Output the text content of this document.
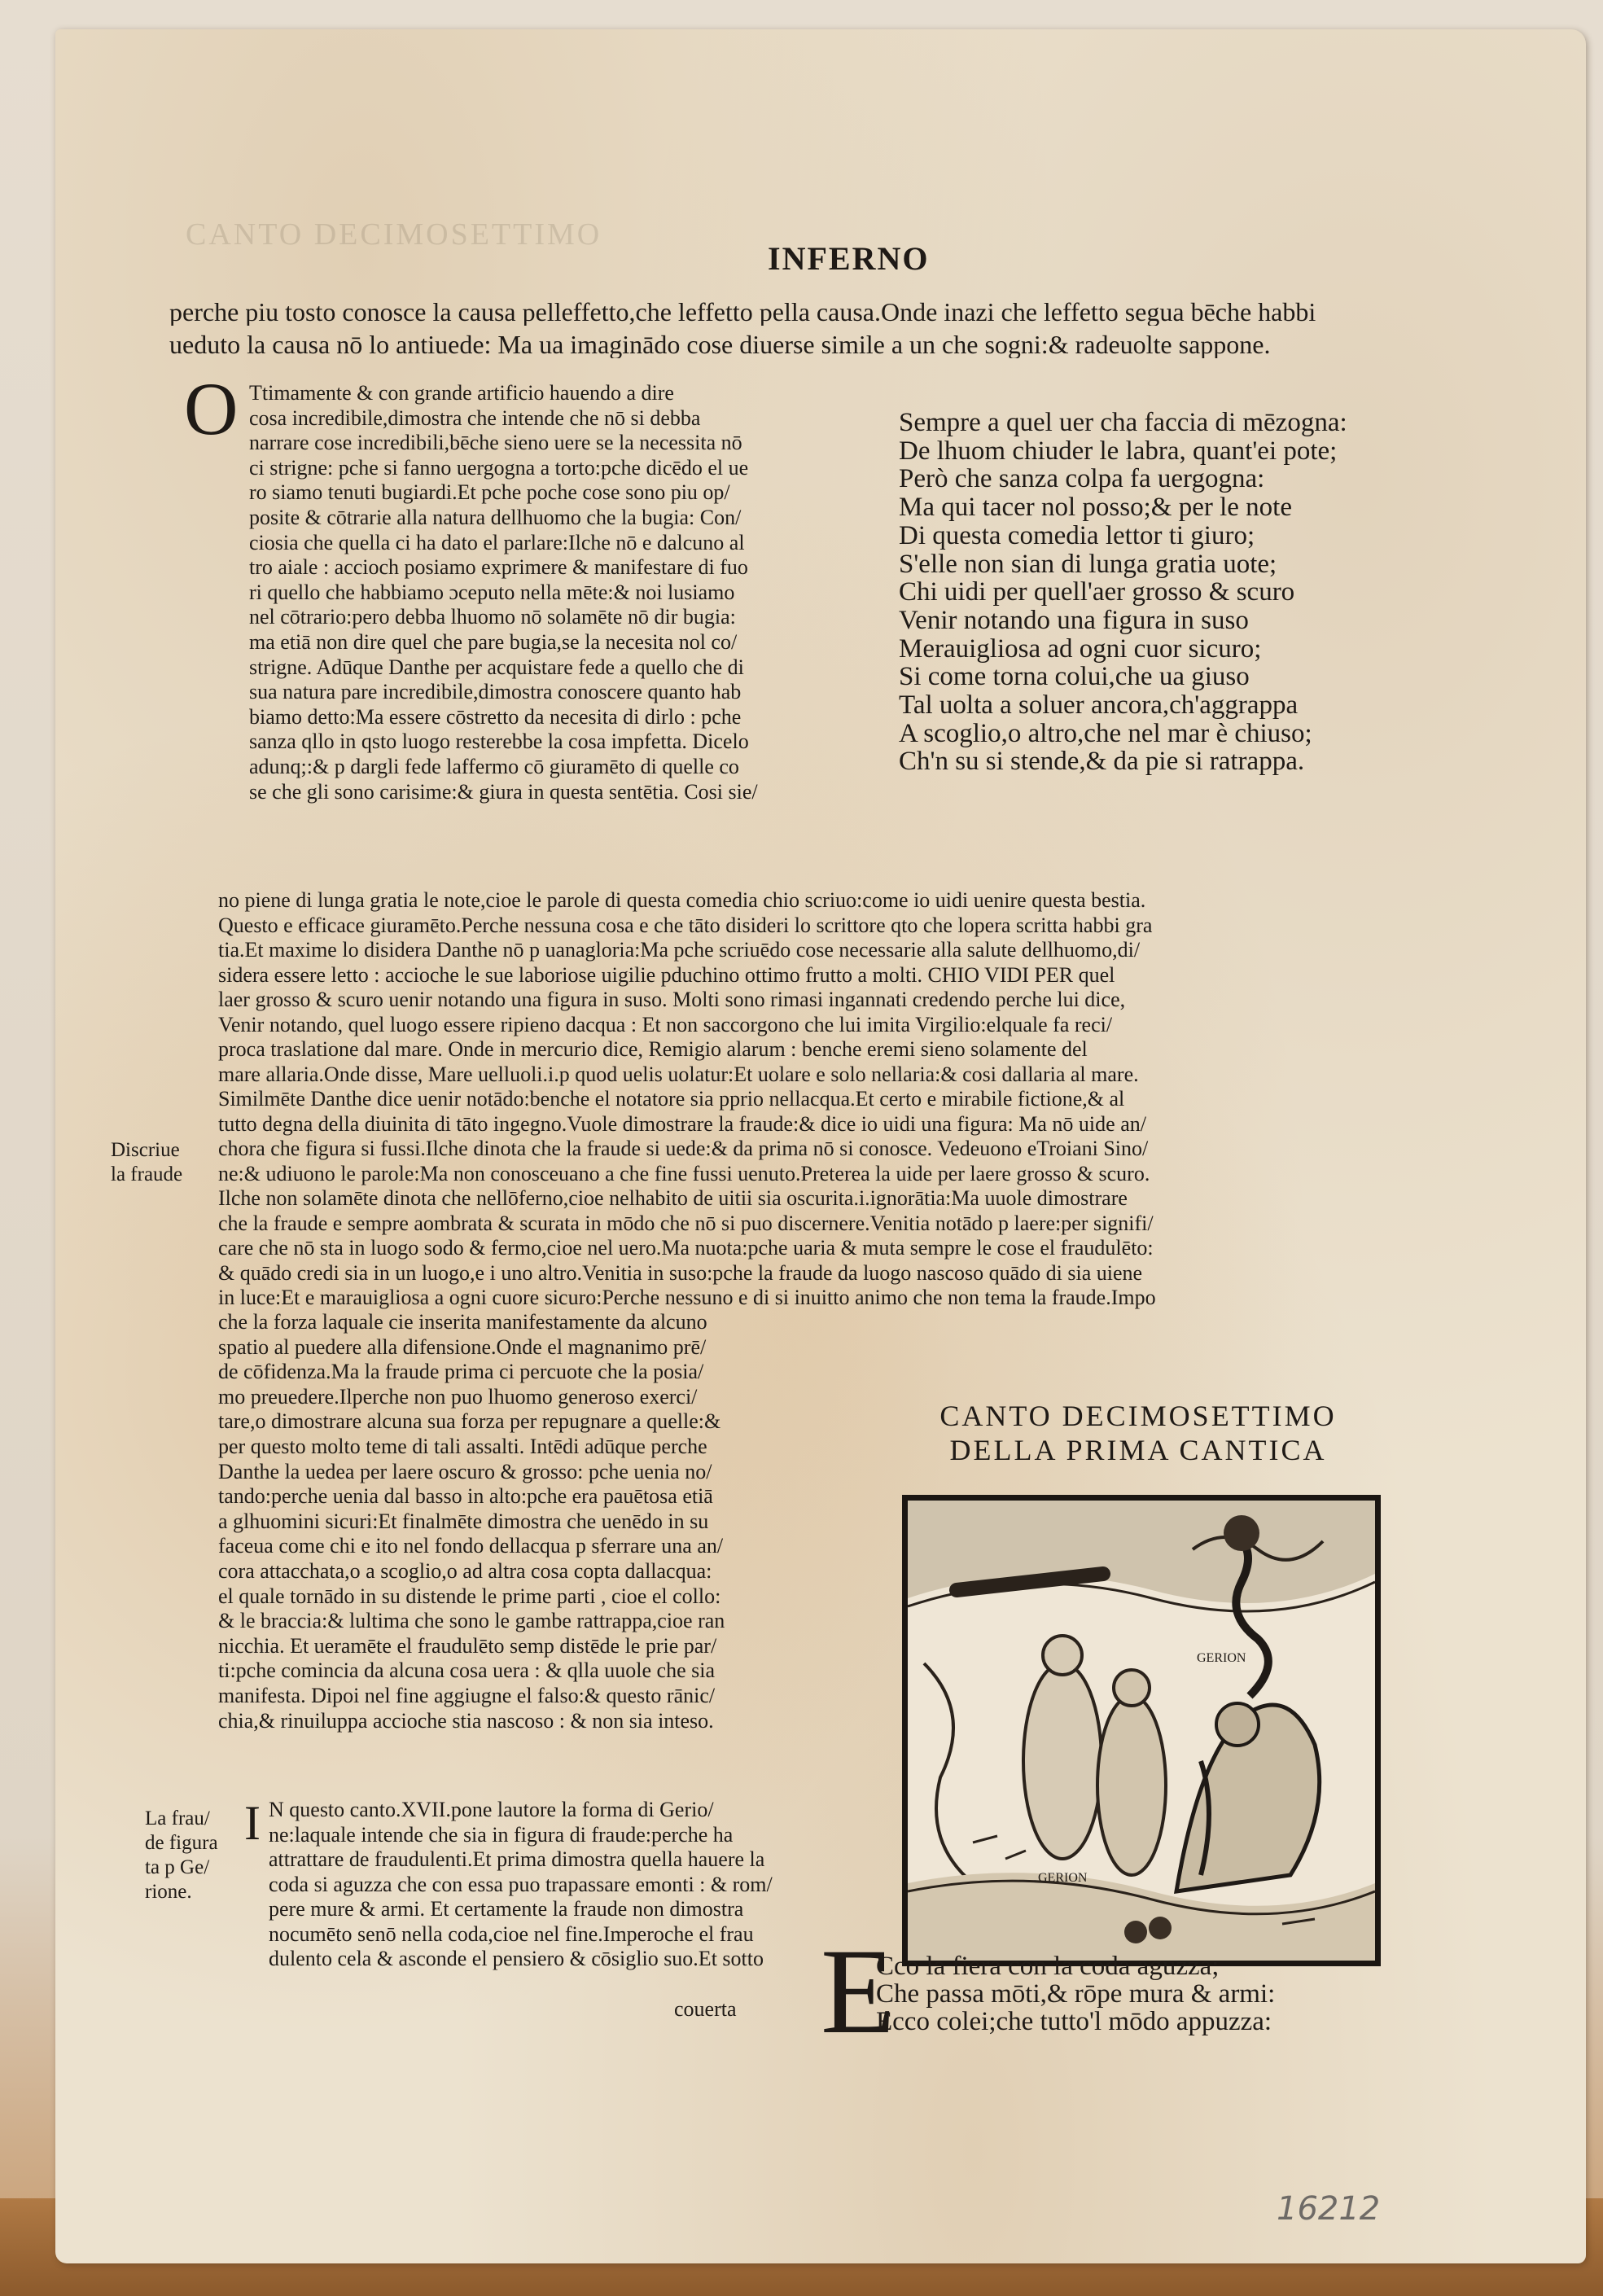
CANTO DECIMOSETTIMO
INFERNO
perche piu tosto conosce la causa pelleffetto,che leffetto pella causa.Onde inazi che leffetto segua bēche habbi
ueduto la causa nō lo antiuede: Ma ua imaginādo cose diuerse simile a un che sogni:& radeuolte sappone.
O Ttimamente & con grande artificio hauendo a dire
cosa incredibile,dimostra che intende che nō si debba
narrare cose incredibili,bēche sieno uere se la necessita nō
ci strigne: pche si fanno uergogna a torto:pche dicēdo el ue
ro siamo tenuti bugiardi.Et pche poche cose sono piu op/
posite & cōtrarie alla natura dellhuomo che la bugia: Con/
ciosia che quella ci ha dato el parlare:Ilche nō e dalcuno al
tro aiale : accioch posiamo exprimere & manifestare di fuo
ri quello che habbiamo ɔceputo nella mēte:& noi lusiamo
nel cōtrario:pero debba lhuomo nō solamēte nō dir bugia:
ma etiā non dire quel che pare bugia,se la necesita nol co/
strigne. Adūque Danthe per acquistare fede a quello che di
sua natura pare incredibile,dimostra conoscere quanto hab
biamo detto:Ma essere cōstretto da necesita di dirlo : pche
sanza qllo in qsto luogo resterebbe la cosa impfetta. Dicelo
adunq;:& p dargli fede laffermo cō giuramēto di quelle co
se che gli sono carisime:& giura in questa sentētia. Cosi sie/
Sempre a quel uer cha faccia di mēzogna:
De lhuom chiuder le labra, quant'ei pote;
Però che sanza colpa fa uergogna:
Ma qui tacer nol posso;& per le note
Di questa comedia lettor ti giuro;
S'elle non sian di lunga gratia uote;
Chi uidi per quell'aer grosso & scuro
Venir notando una figura in suso
Merauigliosa ad ogni cuor sicuro;
Si come torna colui,che ua giuso
Tal uolta a soluer ancora,ch'aggrappa
A scoglio,o altro,che nel mar è chiuso;
Ch'n su si stende,& da pie si ratrappa.
no piene di lunga gratia le note,cioe le parole di questa comedia chio scriuo:come io uidi uenire questa bestia.
Questo e efficace giuramēto.Perche nessuna cosa e che tāto disideri lo scrittore qto che lopera scritta habbi gra
tia.Et maxime lo disidera Danthe nō p uanagloria:Ma pche scriuēdo cose necessarie alla salute dellhuomo,di/
sidera essere letto : accioche le sue laboriose uigilie pduchino ottimo frutto a molti. CHIO VIDI PER quel
laer grosso & scuro uenir notando una figura in suso. Molti sono rimasi ingannati credendo perche lui dice,
Venir notando, quel luogo essere ripieno dacqua : Et non saccorgono che lui imita Virgilio:elquale fa reci/
proca traslatione dal mare. Onde in mercurio dice, Remigio alarum : benche eremi sieno solamente del
mare allaria.Onde disse, Mare uelluoli.i.p quod uelis uolatur:Et uolare e solo nellaria:& cosi dallaria al mare.
Similmēte Danthe dice uenir notādo:benche el notatore sia pprio nellacqua.Et certo e mirabile fictione,& al
tutto degna della diuinita di tāto ingegno.Vuole dimostrare la fraude:& dice io uidi una figura: Ma nō uide an/
chora che figura si fussi.Ilche dinota che la fraude si uede:& da prima nō si conosce. Vedeuono eTroiani Sino/
ne:& udiuono le parole:Ma non conosceuano a che fine fussi uenuto.Preterea la uide per laere grosso & scuro.
Ilche non solamēte dinota che nellōferno,cioe nelhabito de uitii sia oscurita.i.ignorātia:Ma uuole dimostrare
che la fraude e sempre aombrata & scurata in mōdo che nō si puo discernere.Venitia notādo p laere:per signifi/
care che nō sta in luogo sodo & fermo,cioe nel uero.Ma nuota:pche uaria & muta sempre le cose el fraudulēto:
& quādo credi sia in un luogo,e i uno altro.Venitia in suso:pche la fraude da luogo nascoso quādo di sia uiene
in luce:Et e marauigliosa a ogni cuore sicuro:Perche nessuno e di si inuitto animo che non tema la fraude.Impo
Discriue
la fraude
La frau/
de figura
ta p Ge/
rione.
che la forza laquale cie inserita manifestamente da alcuno
spatio al puedere alla difensione.Onde el magnanimo prē/
de cōfidenza.Ma la fraude prima ci percuote che la posia/
mo preuedere.Ilperche non puo lhuomo generoso exerci/
tare,o dimostrare alcuna sua forza per repugnare a quelle:&
per questo molto teme di tali assalti. Intēdi adūque perche
Danthe la uedea per laere oscuro & grosso: pche uenia no/
tando:perche uenia dal basso in alto:pche era pauētosa etiā
a glhuomini sicuri:Et finalmēte dimostra che uenēdo in su
faceua come chi e ito nel fondo dellacqua p sferrare una an/
cora attacchata,o a scoglio,o ad altra cosa copta dallacqua:
el quale tornādo in su distende le prime parti , cioe el collo:
& le braccia:& lultima che sono le gambe rattrappa,cioe ran
nicchia. Et ueramēte el fraudulēto semp distēde le prie par/
ti:pche comincia da alcuna cosa uera : & qlla uuole che sia
manifesta. Dipoi nel fine aggiugne el falso:& questo rānic/
chia,& rinuiluppa accioche stia nascoso : & non sia inteso.
I N questo canto.XVII.pone lautore la forma di Gerio/
ne:laquale intende che sia in figura di fraude:perche ha
attrattare de fraudulenti.Et prima dimostra quella hauere la
coda si aguzza che con essa puo trapassare emonti : & rom/
pere mure & armi. Et certamente la fraude non dimostra
nocumēto senō nella coda,cioe nel fine.Imperoche el frau
dulento cela & asconde el pensiero & cōsiglio suo.Et sotto
couerta
CANTO DECIMOSETTIMO
DELLA PRIMA CANTICA
GERION
GERION
E
Cco la fiera con la coda aguzza;
Che passa mōti,& rōpe mura & armi:
Ecco colei;che tutto'l mōdo appuzza:
16212
